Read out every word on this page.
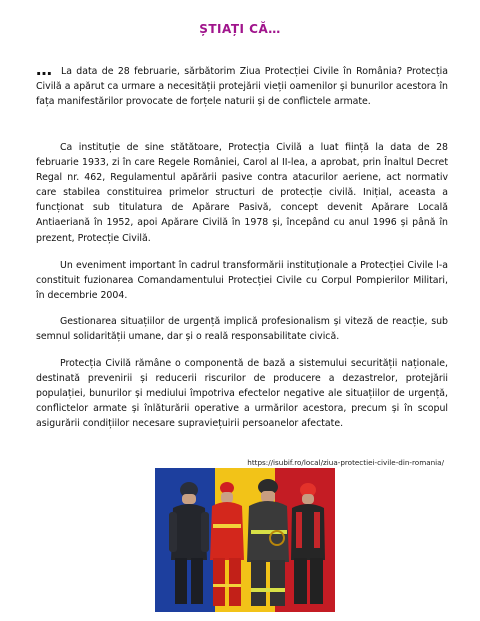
ȘTIAȚI CĂ…

… La data de 28 februarie, sărbătorim Ziua Protecției Civile în România? Protecția Civilă a apărut ca urmare a necesității protejării vieții oamenilor și bunurilor acestora în fața manifestărilor provocate de forțele naturii și de conflictele armate.

Ca instituție de sine stătătoare, Protecția Civilă a luat ființă la data de 28 februarie 1933, zi în care Regele României, Carol al II-lea, a aprobat, prin Înaltul Decret Regal nr. 462, Regulamentul apărării pasive contra atacurilor aeriene, act normativ care stabilea constituirea primelor structuri de protecție civilă. Inițial, aceasta a funcționat sub titulatura de Apărare Pasivă, concept devenit Apărare Locală Antiaeriană în 1952, apoi Apărare Civilă în 1978 și, începând cu anul 1996 și până în prezent, Protecție Civilă.

Un eveniment important în cadrul transformării instituționale a Protecției Civile l-a constituit fuzionarea Comandamentului Protecției Civile cu Corpul Pompierilor Militari, în decembrie 2004.

Gestionarea situațiilor de urgență implică profesionalism și viteză de reacție, sub semnul solidarității umane, dar și o reală responsabilitate civică.

Protecția Civilă rămâne o componentă de bază a sistemului securității naționale, destinată prevenirii și reducerii riscurilor de producere a dezastrelor, protejării populației, bunurilor și mediului împotriva efectelor negative ale situațiilor de urgență, conflictelor armate și înlăturării operative a urmărilor acestora, precum și în scopul asigurării condițiilor necesare supraviețuirii persoanelor afectate.

https://isubif.ro/local/ziua-protectiei-civile-din-romania/
